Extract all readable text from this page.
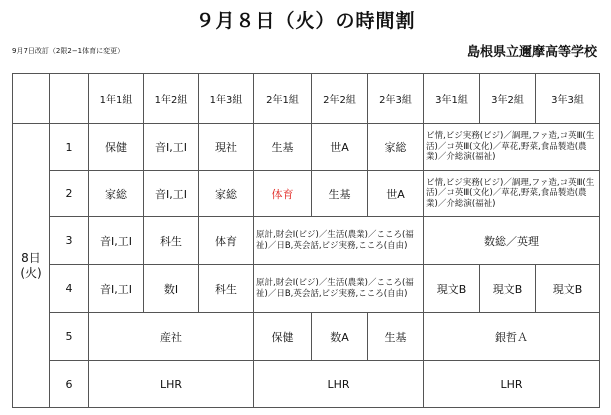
９月８日（火）の時間割
9月7日改訂（2限2−1体育に変更）	島根県立邇摩高等学校
		1年1組	1年2組	1年3組	2年1組	2年2組	2年3組	3年1組	3年2組	3年3組
8日
(火)	1	保健	音Ⅰ,工Ⅰ	現社	生基	世A	家総	ビ情,ビジ実務(ビジ)／調理,ファ造,コ英Ⅲ(生活)／コ英Ⅲ(文化)／草花,野菜,食品製造(農業)／介総演(福祉)		
	2	家総	音Ⅰ,工Ⅰ	家総	体育	生基	世A	ビ情,ビジ実務(ビジ)／調理,ファ造,コ英Ⅲ(生活)／コ英Ⅲ(文化)／草花,野菜,食品製造(農業)／介総演(福祉)		
	3	音Ⅰ,工Ⅰ	科生	体育	原計,財会Ⅰ(ビジ)／生活(農業)／こころ(福祉)／日B,英会話,ビジ実務,こころ(自由)			数総／英理		
	4	音Ⅰ,工Ⅰ	数Ⅰ	科生	原計,財会Ⅰ(ビジ)／生活(農業)／こころ(福祉)／日B,英会話,ビジ実務,こころ(自由)			現文B	現文B	現文B
	5	産社			保健	数A	生基	銀哲Ａ		
	6	LHR			LHR			LHR		
